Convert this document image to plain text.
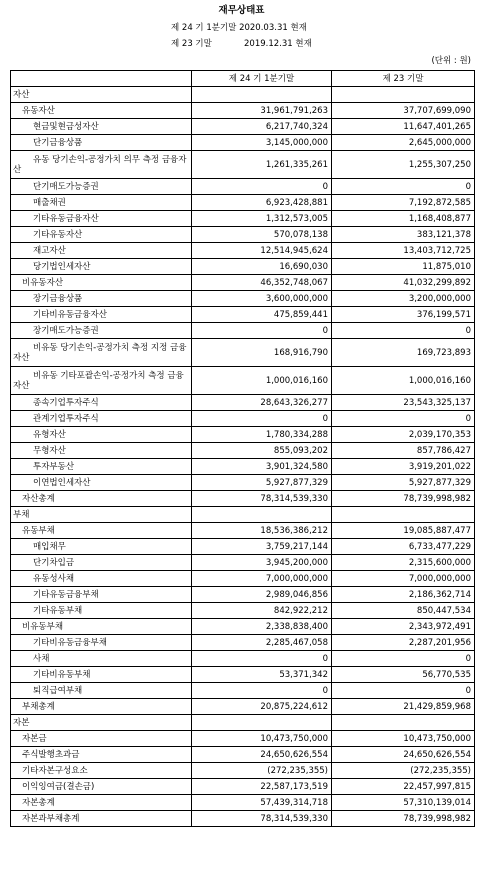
재무상태표
제 24 기 1분기말 2020.03.31 현재
제 23 기말	2019.12.31 현재
(단위 : 원)
	제 24 기 1분기말	제 23 기말
자산		
유동자산	31,961,791,263	37,707,699,090
현금및현금성자산	6,217,740,324	11,647,401,265
단기금융상품	3,145,000,000	2,645,000,000
유동 당기손익-공정가치 의무 측정 금융자산	1,261,335,261	1,255,307,250
단기매도가능증권	0	0
매출채권	6,923,428,881	7,192,872,585
기타유동금융자산	1,312,573,005	1,168,408,877
기타유동자산	570,078,138	383,121,378
재고자산	12,514,945,624	13,403,712,725
당기법인세자산	16,690,030	11,875,010
비유동자산	46,352,748,067	41,032,299,892
장기금융상품	3,600,000,000	3,200,000,000
기타비유동금융자산	475,859,441	376,199,571
장기매도가능증권	0	0
비유동 당기손익-공정가치 측정 지정 금융자산	168,916,790	169,723,893
비유동 기타포괄손익-공정가치 측정 금융자산	1,000,016,160	1,000,016,160
종속기업투자주식	28,643,326,277	23,543,325,137
관계기업투자주식	0	0
유형자산	1,780,334,288	2,039,170,353
무형자산	855,093,202	857,786,427
투자부동산	3,901,324,580	3,919,201,022
이연법인세자산	5,927,877,329	5,927,877,329
자산총계	78,314,539,330	78,739,998,982
부채		
유동부채	18,536,386,212	19,085,887,477
매입채무	3,759,217,144	6,733,477,229
단기차입금	3,945,200,000	2,315,600,000
유동성사채	7,000,000,000	7,000,000,000
기타유동금융부채	2,989,046,856	2,186,362,714
기타유동부채	842,922,212	850,447,534
비유동부채	2,338,838,400	2,343,972,491
기타비유동금융부채	2,285,467,058	2,287,201,956
사채	0	0
기타비유동부채	53,371,342	56,770,535
퇴직급여부채	0	0
부채총계	20,875,224,612	21,429,859,968
자본		
자본금	10,473,750,000	10,473,750,000
주식발행초과금	24,650,626,554	24,650,626,554
기타자본구성요소	(272,235,355)	(272,235,355)
이익잉여금(결손금)	22,587,173,519	22,457,997,815
자본총계	57,439,314,718	57,310,139,014
자본과부채총계	78,314,539,330	78,739,998,982
